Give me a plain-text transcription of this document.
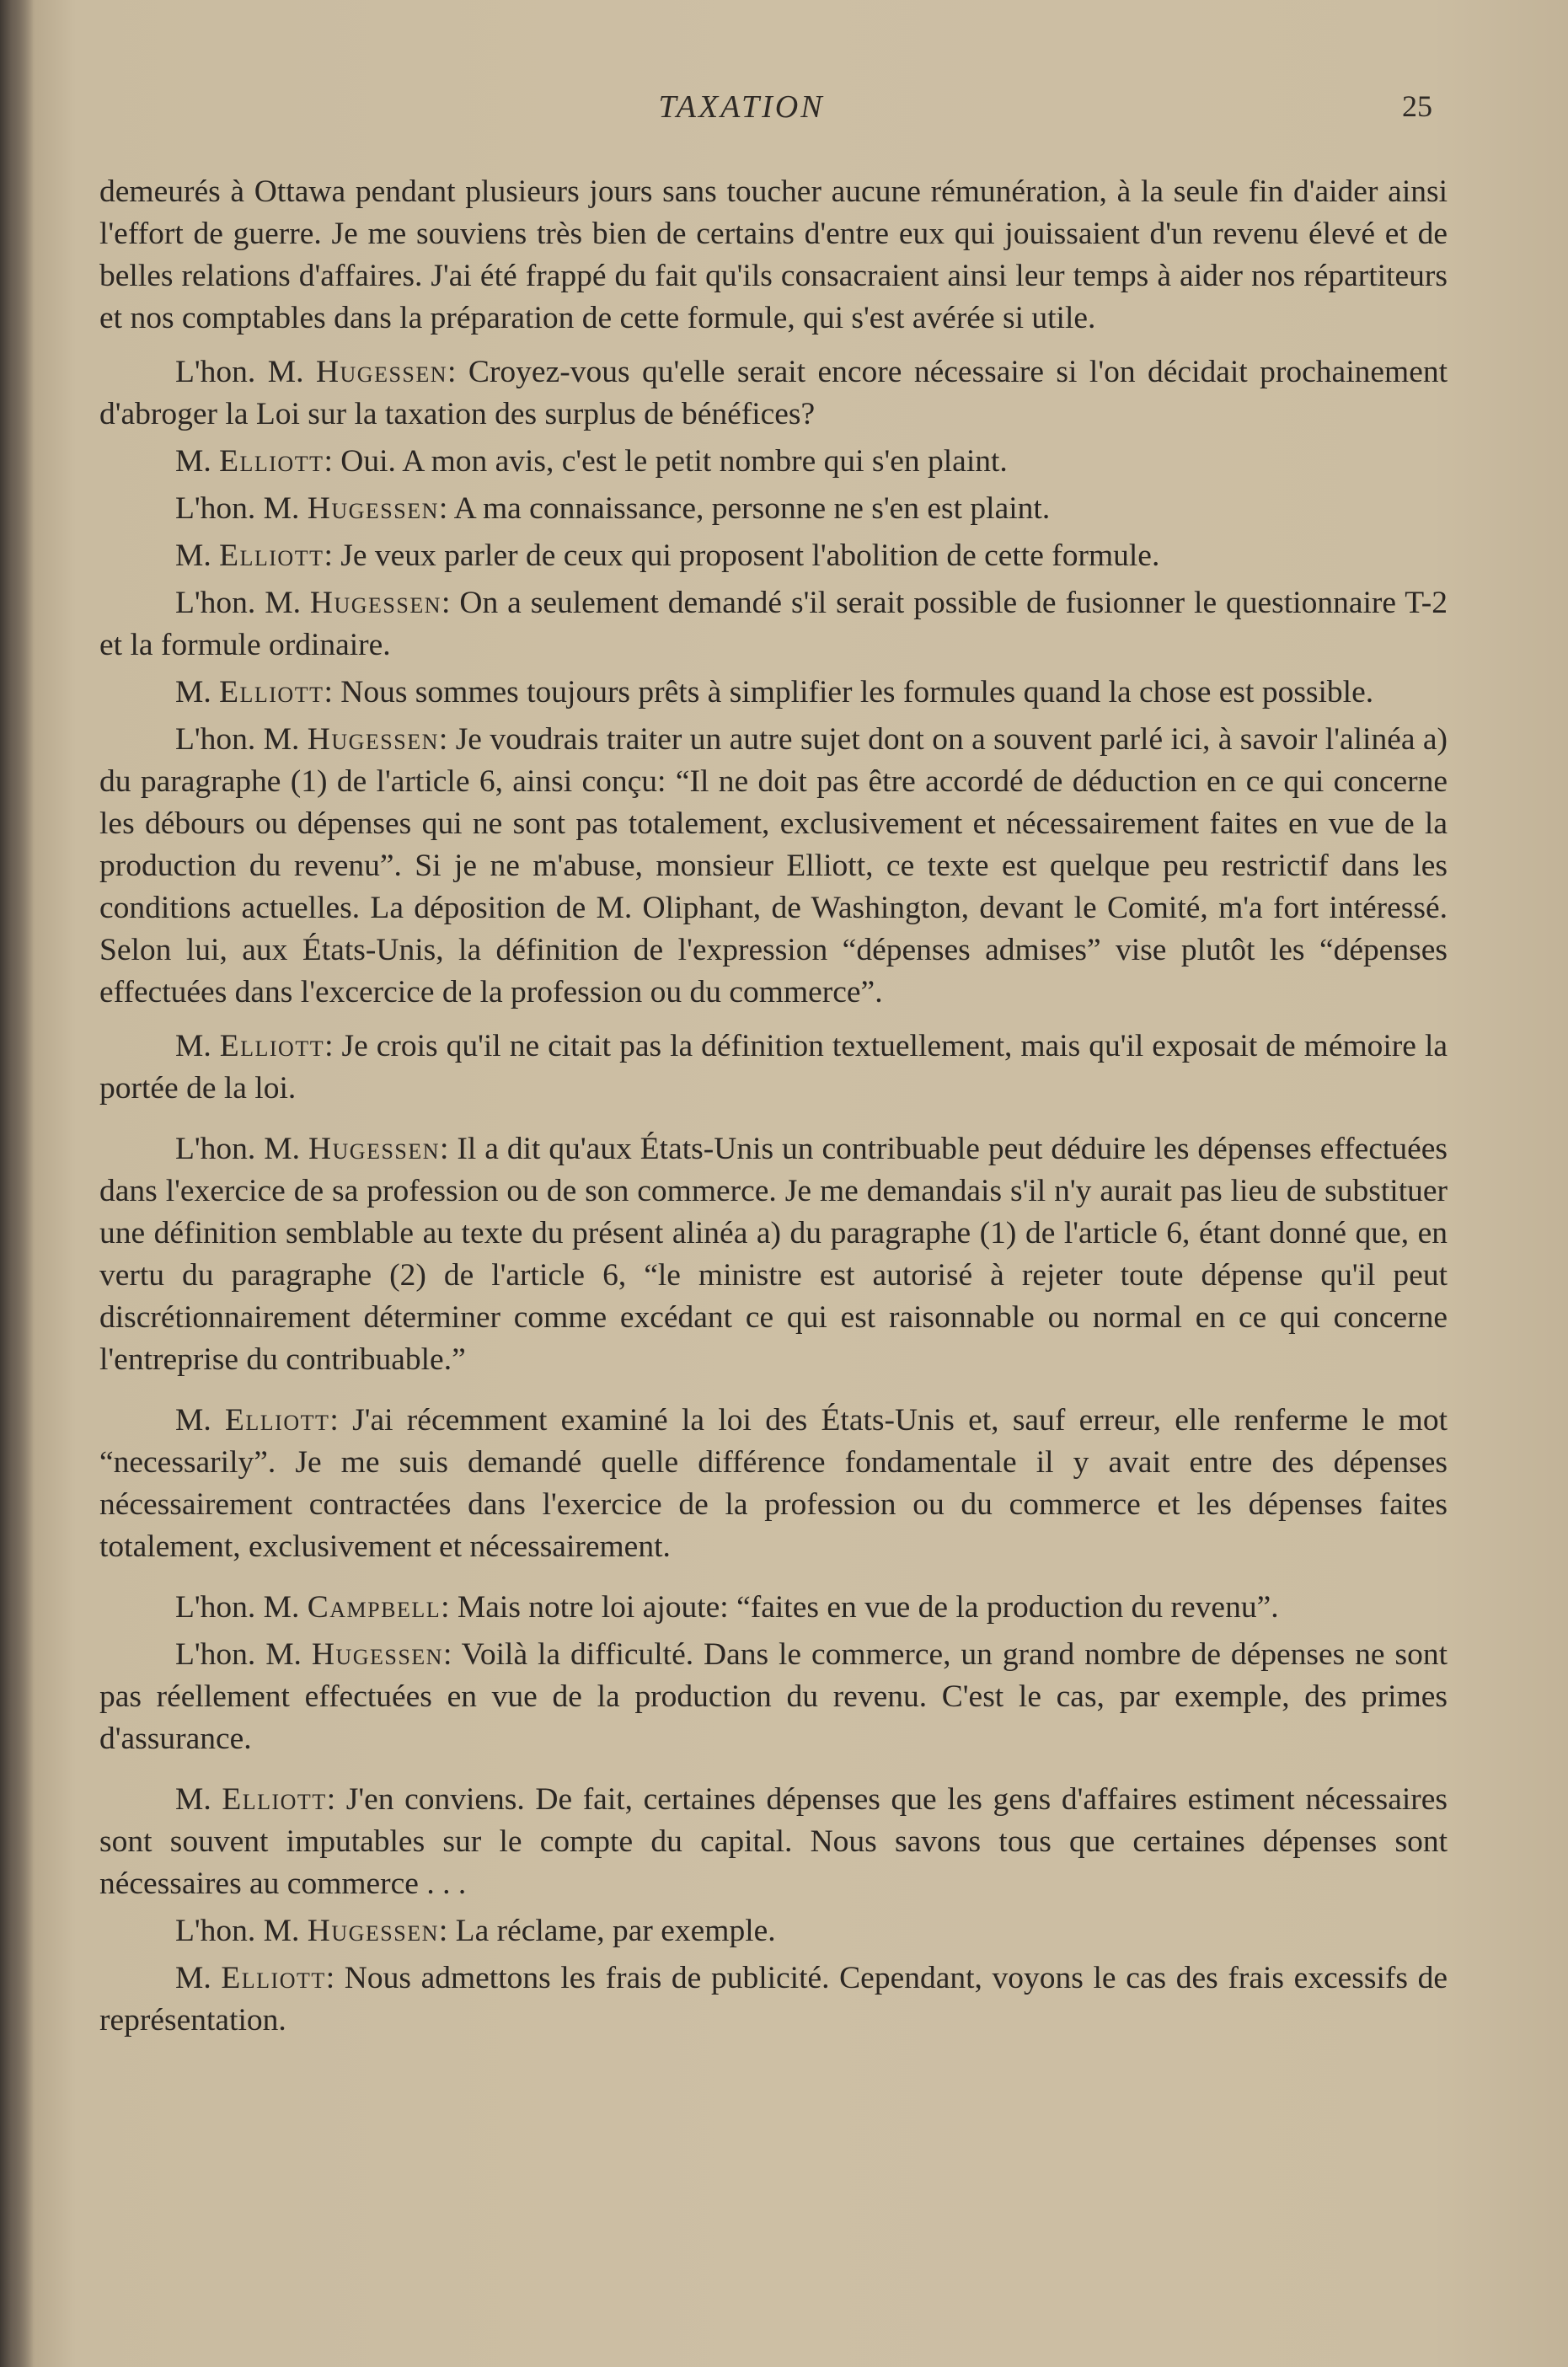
TAXATION	25

demeurés à Ottawa pendant plusieurs jours sans toucher aucune rémunération, à la seule fin d'aider ainsi l'effort de guerre. Je me souviens très bien de certains d'entre eux qui jouissaient d'un revenu élevé et de belles relations d'affaires. J'ai été frappé du fait qu'ils consacraient ainsi leur temps à aider nos répartiteurs et nos comptables dans la préparation de cette formule, qui s'est avérée si utile.

L'hon. M. Hugessen: Croyez-vous qu'elle serait encore nécessaire si l'on décidait prochainement d'abroger la Loi sur la taxation des surplus de bénéfices?

M. Elliott: Oui. A mon avis, c'est le petit nombre qui s'en plaint.

L'hon. M. Hugessen: A ma connaissance, personne ne s'en est plaint.

M. Elliott: Je veux parler de ceux qui proposent l'abolition de cette formule.

L'hon. M. Hugessen: On a seulement demandé s'il serait possible de fusionner le questionnaire T-2 et la formule ordinaire.

M. Elliott: Nous sommes toujours prêts à simplifier les formules quand la chose est possible.

L'hon. M. Hugessen: Je voudrais traiter un autre sujet dont on a souvent parlé ici, à savoir l'alinéa a) du paragraphe (1) de l'article 6, ainsi conçu: “Il ne doit pas être accordé de déduction en ce qui concerne les débours ou dépenses qui ne sont pas totalement, exclusivement et nécessairement faites en vue de la production du revenu”. Si je ne m'abuse, monsieur Elliott, ce texte est quelque peu restrictif dans les conditions actuelles. La déposition de M. Oliphant, de Washington, devant le Comité, m'a fort intéressé. Selon lui, aux États-Unis, la définition de l'expression “dépenses admises” vise plutôt les “dépenses effectuées dans l'excercice de la profession ou du commerce”.

M. Elliott: Je crois qu'il ne citait pas la définition textuellement, mais qu'il exposait de mémoire la portée de la loi.

L'hon. M. Hugessen: Il a dit qu'aux États-Unis un contribuable peut déduire les dépenses effectuées dans l'exercice de sa profession ou de son commerce. Je me demandais s'il n'y aurait pas lieu de substituer une définition semblable au texte du présent alinéa a) du paragraphe (1) de l'article 6, étant donné que, en vertu du paragraphe (2) de l'article 6, “le ministre est autorisé à rejeter toute dépense qu'il peut discrétionnairement déterminer comme excédant ce qui est raisonnable ou normal en ce qui concerne l'entreprise du contribuable.”

M. Elliott: J'ai récemment examiné la loi des États-Unis et, sauf erreur, elle renferme le mot “necessarily”. Je me suis demandé quelle différence fondamentale il y avait entre des dépenses nécessairement contractées dans l'exercice de la profession ou du commerce et les dépenses faites totalement, exclusivement et nécessairement.

L'hon. M. Campbell: Mais notre loi ajoute: “faites en vue de la production du revenu”.

L'hon. M. Hugessen: Voilà la difficulté. Dans le commerce, un grand nombre de dépenses ne sont pas réellement effectuées en vue de la production du revenu. C'est le cas, par exemple, des primes d'assurance.

M. Elliott: J'en conviens. De fait, certaines dépenses que les gens d'affaires estiment nécessaires sont souvent imputables sur le compte du capital. Nous savons tous que certaines dépenses sont nécessaires au commerce . . .

L'hon. M. Hugessen: La réclame, par exemple.

M. Elliott: Nous admettons les frais de publicité. Cependant, voyons le cas des frais excessifs de représentation.
